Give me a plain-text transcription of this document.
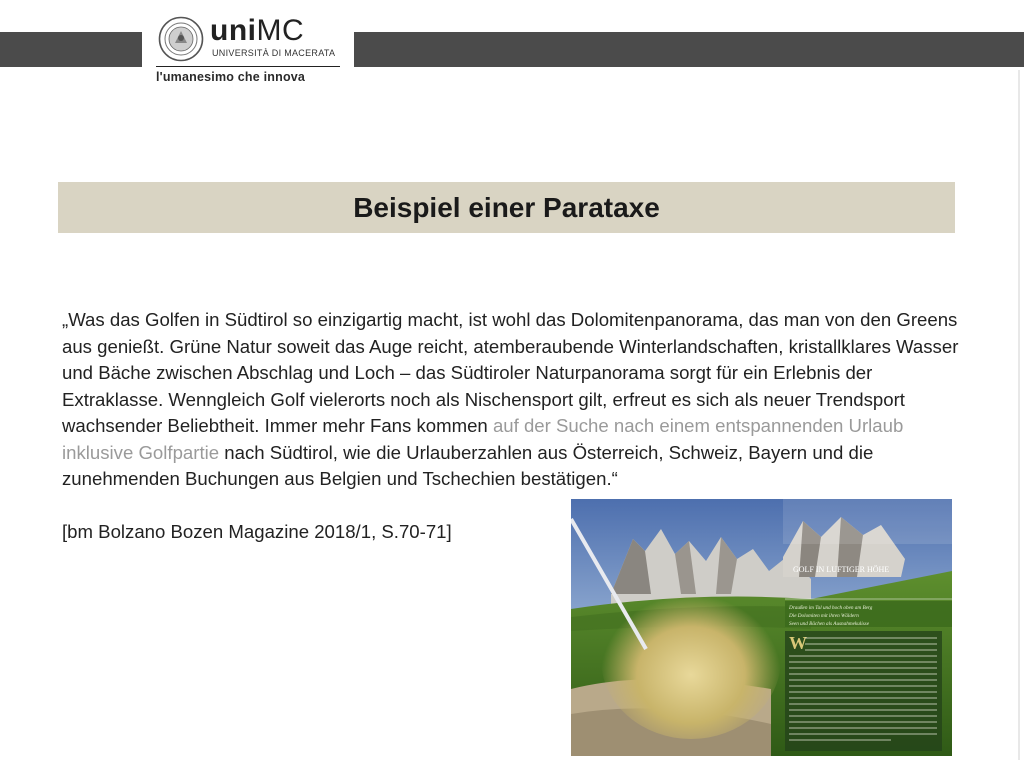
uniMC
UNIVERSITÀ DI MACERATA
l'umanesimo che innova
Beispiel einer Parataxe

„Was das Golfen in Südtirol so einzigartig macht, ist wohl das Dolomitenpanorama, das man von den Greens aus genießt. Grüne Natur soweit das Auge reicht, atemberaubende Winterlandschaften, kristallklares Wasser und Bäche zwischen Abschlag und Loch – das Südtiroler Naturpanorama sorgt für ein Erlebnis der Extraklasse. Wenngleich Golf vielerorts noch als Nischensport gilt, erfreut es sich als neuer Trendsport wachsender Beliebtheit. Immer mehr Fans kommen auf der Suche nach einem entspannenden Urlaub inklusive Golfpartie nach Südtirol, wie die Urlauberzahlen aus Österreich, Schweiz, Bayern und die zunehmenden Buchungen aus Belgien und Tschechien bestätigen.“

[bm Bolzano Bozen Magazine 2018/1, S.70-71]

GOLF IN LUFTIGER HÖHE
Draußen im Tal und hoch oben am Berg
Die Dolomiten mit ihren Wäldern
Seen und Bächen als Ausnahmekulisse
W
